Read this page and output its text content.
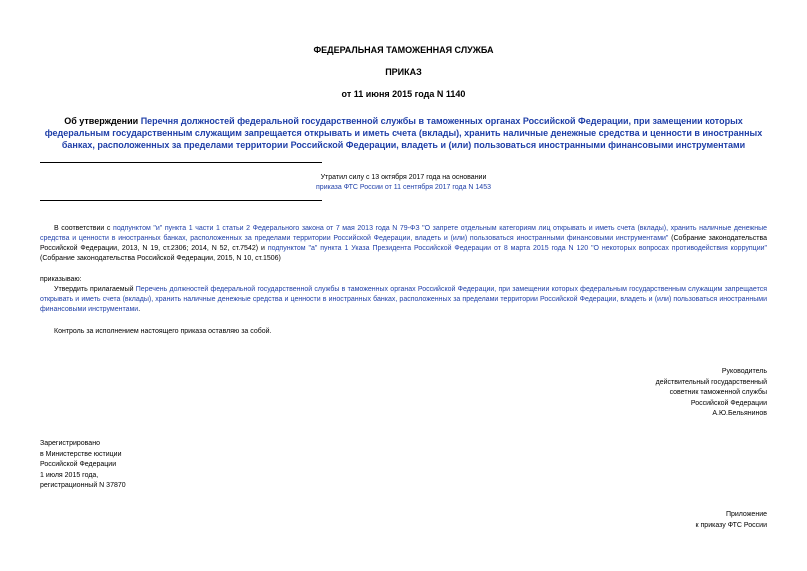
ФЕДЕРАЛЬНАЯ ТАМОЖЕННАЯ СЛУЖБА
ПРИКАЗ
от 11 июня 2015 года N 1140
Об утверждении Перечня должностей федеральной государственной службы в таможенных органах Российской Федерации, при замещении которых федеральным государственным служащим запрещается открывать и иметь счета (вклады), хранить наличные денежные средства и ценности в иностранных банках, расположенных за пределами территории Российской Федерации, владеть и (или) пользоваться иностранными финансовыми инструментами
Утратил силу с 13 октября 2017 года на основании
приказа ФТС России от 11 сентября 2017 года N 1453
В соответствии с подпунктом "и" пункта 1 части 1 статьи 2 Федерального закона от 7 мая 2013 года N 79-ФЗ "О запрете отдельным категориям лиц открывать и иметь счета (вклады), хранить наличные денежные средства и ценности в иностранных банках, расположенных за пределами территории Российской Федерации, владеть и (или) пользоваться иностранными финансовыми инструментами" (Собрание законодательства Российской Федерации, 2013, N 19, ст.2306; 2014, N 52, ст.7542) и подпунктом "а" пункта 1 Указа Президента Российской Федерации от 8 марта 2015 года N 120 "О некоторых вопросах противодействия коррупции" (Собрание законодательства Российской Федерации, 2015, N 10, ст.1506)
приказываю:
Утвердить прилагаемый Перечень должностей федеральной государственной службы в таможенных органах Российской Федерации, при замещении которых федеральным государственным служащим запрещается открывать и иметь счета (вклады), хранить наличные денежные средства и ценности в иностранных банках, расположенных за пределами территории Российской Федерации, владеть и (или) пользоваться иностранными финансовыми инструментами.
Контроль за исполнением настоящего приказа оставляю за собой.
Руководитель
действительный государственный
советник таможенной службы
Российской Федерации
А.Ю.Бельянинов
Зарегистрировано
в Министерстве юстиции
Российской Федерации
1 июля 2015 года,
регистрационный N 37870
Приложение
к приказу ФТС России
